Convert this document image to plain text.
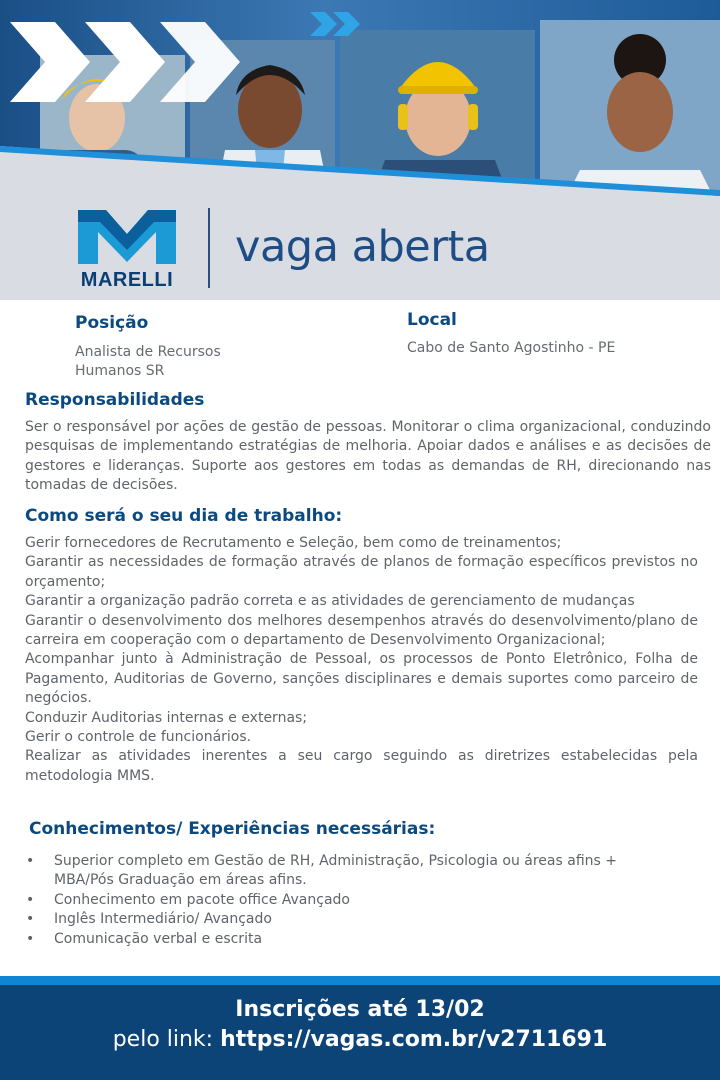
MARELLI
vaga aberta

Posição

Analista de Recursos Humanos SR

Local

Cabo de Santo Agostinho - PE

Responsabilidades

Ser o responsável por ações de gestão de pessoas. Monitorar o clima organizacional, conduzindo pesquisas de implementando estratégias de melhoria. Apoiar dados e análises e as decisões de gestores e lideranças. Suporte aos gestores em todas as demandas de RH, direcionando nas tomadas de decisões.

Como será o seu dia de trabalho:
Gerir fornecedores de Recrutamento e Seleção, bem como de treinamentos;
Garantir as necessidades de formação através de planos de formação específicos previstos no orçamento;
Garantir a organização padrão correta e as atividades de gerenciamento de mudanças
Garantir o desenvolvimento dos melhores desempenhos através do desenvolvimento/plano de carreira em cooperação com o departamento de Desenvolvimento Organizacional;
Acompanhar junto à Administração de Pessoal, os processos de Ponto Eletrônico, Folha de Pagamento, Auditorias de Governo, sanções disciplinares e demais suportes como parceiro de negócios.
Conduzir Auditorias internas e externas;
Gerir o controle de funcionários.
Realizar as atividades inerentes a seu cargo seguindo as diretrizes estabelecidas pela metodologia MMS.
Conhecimentos/ Experiências necessárias:
• Superior completo em Gestão de RH, Administração, Psicologia ou áreas afins + MBA/Pós Graduação em áreas afins.
• Conhecimento em pacote office Avançado
• Inglês Intermediário/ Avançado
• Comunicação verbal e escrita

Inscrições até 13/02

pelo link: https://vagas.com.br/v2711691
